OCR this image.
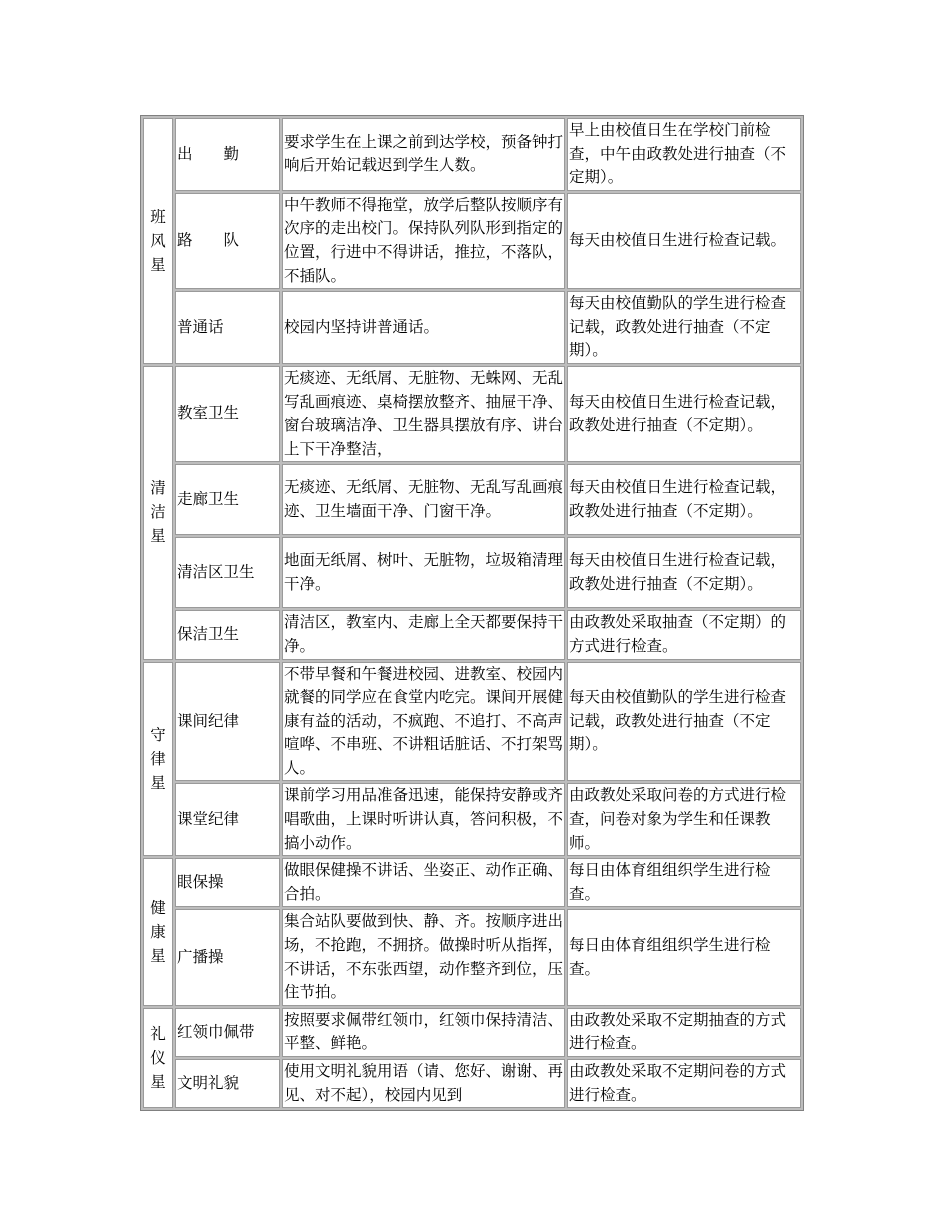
班风星	出　　勤	要求学生在上课之前到达学校，预备钟打响后开始记载迟到学生人数。	早上由校值日生在学校门前检查，中午由政教处进行抽查（不定期）。
	路　　队	中午教师不得拖堂，放学后整队按顺序有次序的走出校门。保持队列队形到指定的位置，行进中不得讲话，推拉，不落队，不插队。	每天由校值日生进行检查记载。
	普通话	校园内坚持讲普通话。	每天由校值勤队的学生进行检查记载，政教处进行抽查（不定期）。
清洁星	教室卫生	无痰迹、无纸屑、无脏物、无蛛网、无乱写乱画痕迹、桌椅摆放整齐、抽屉干净、窗台玻璃洁净、卫生器具摆放有序、讲台上下干净整洁，	每天由校值日生进行检查记载，政教处进行抽查（不定期）。
	走廊卫生	无痰迹、无纸屑、无脏物、无乱写乱画痕迹、卫生墙面干净、门窗干净。	每天由校值日生进行检查记载，政教处进行抽查（不定期）。
	清洁区卫生	地面无纸屑、树叶、无脏物，垃圾箱清理干净。	每天由校值日生进行检查记载，政教处进行抽查（不定期）。
	保洁卫生	清洁区，教室内、走廊上全天都要保持干净。	由政教处采取抽查（不定期）的方式进行检查。
守律星	课间纪律	不带早餐和午餐进校园、进教室、校园内就餐的同学应在食堂内吃完。课间开展健康有益的活动，不疯跑、不追打、不高声喧哗、不串班、不讲粗话脏话、不打架骂人。	每天由校值勤队的学生进行检查记载，政教处进行抽查（不定期）。
	课堂纪律	课前学习用品准备迅速，能保持安静或齐唱歌曲，上课时听讲认真，答问积极，不搞小动作。	由政教处采取问卷的方式进行检查，问卷对象为学生和任课教师。
健康星	眼保操	做眼保健操不讲话、坐姿正、动作正确、合拍。	每日由体育组组织学生进行检查。
	广播操	集合站队要做到快、静、齐。按顺序进出场，不抢跑，不拥挤。做操时听从指挥，不讲话，不东张西望，动作整齐到位，压住节拍。	每日由体育组组织学生进行检查。
礼仪星	红领巾佩带	按照要求佩带红领巾，红领巾保持清洁、平整、鲜艳。	由政教处采取不定期抽查的方式进行检查。
	文明礼貌	使用文明礼貌用语（请、您好、谢谢、再见、对不起），校园内见到	由政教处采取不定期问卷的方式进行检查。
